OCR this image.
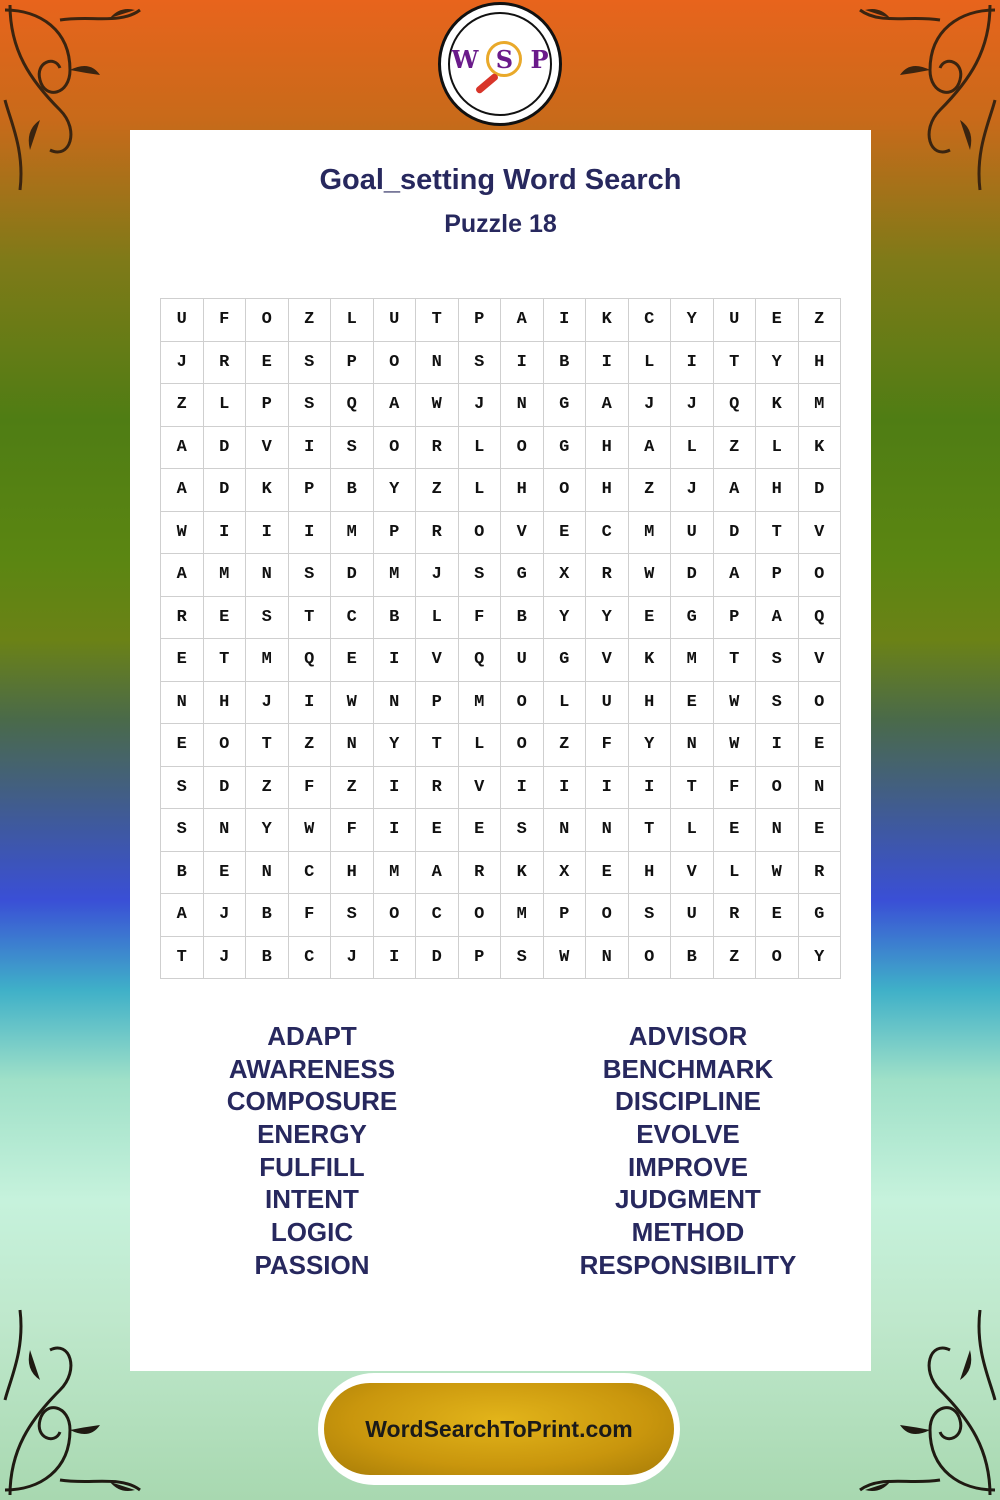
W S P
Goal_setting Word Search
Puzzle 18
U	F	O	Z	L	U	T	P	A	I	K	C	Y	U	E	Z
J	R	E	S	P	O	N	S	I	B	I	L	I	T	Y	H
Z	L	P	S	Q	A	W	J	N	G	A	J	J	Q	K	M
A	D	V	I	S	O	R	L	O	G	H	A	L	Z	L	K
A	D	K	P	B	Y	Z	L	H	O	H	Z	J	A	H	D
W	I	I	I	M	P	R	O	V	E	C	M	U	D	T	V
A	M	N	S	D	M	J	S	G	X	R	W	D	A	P	O
R	E	S	T	C	B	L	F	B	Y	Y	E	G	P	A	Q
E	T	M	Q	E	I	V	Q	U	G	V	K	M	T	S	V
N	H	J	I	W	N	P	M	O	L	U	H	E	W	S	O
E	O	T	Z	N	Y	T	L	O	Z	F	Y	N	W	I	E
S	D	Z	F	Z	I	R	V	I	I	I	I	T	F	O	N
S	N	Y	W	F	I	E	E	S	N	N	T	L	E	N	E
B	E	N	C	H	M	A	R	K	X	E	H	V	L	W	R
A	J	B	F	S	O	C	O	M	P	O	S	U	R	E	G
T	J	B	C	J	I	D	P	S	W	N	O	B	Z	O	Y
ADAPT
AWARENESS
COMPOSURE
ENERGY
FULFILL
INTENT
LOGIC
PASSION
ADVISOR
BENCHMARK
DISCIPLINE
EVOLVE
IMPROVE
JUDGMENT
METHOD
RESPONSIBILITY
WordSearchToPrint.com
